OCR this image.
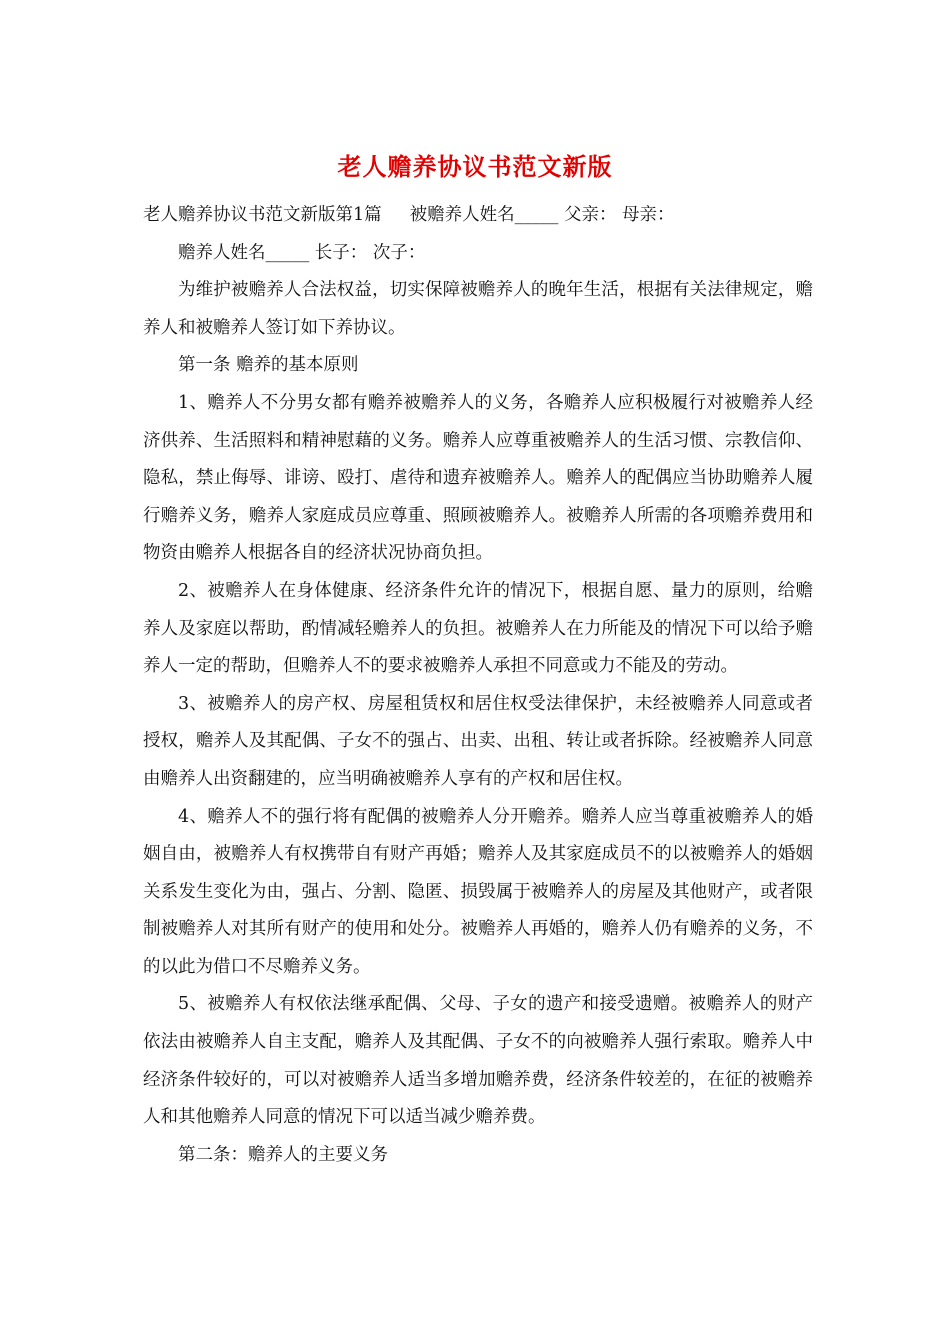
老人赡养协议书范文新版

老人赡养协议书范文新版第1篇 被赡养人姓名_____ 父亲： 母亲：

赡养人姓名_____ 长子： 次子：

为维护被赡养人合法权益，切实保障被赡养人的晚年生活，根据有关法律规定，赡养人和被赡养人签订如下养协议。

第一条 赡养的基本原则

1、赡养人不分男女都有赡养被赡养人的义务，各赡养人应积极履行对被赡养人经济供养、生活照料和精神慰藉的义务。赡养人应尊重被赡养人的生活习惯、宗教信仰、隐私，禁止侮辱、诽谤、殴打、虐待和遗弃被赡养人。赡养人的配偶应当协助赡养人履行赡养义务，赡养人家庭成员应尊重、照顾被赡养人。被赡养人所需的各项赡养费用和物资由赡养人根据各自的经济状况协商负担。

2、被赡养人在身体健康、经济条件允许的情况下，根据自愿、量力的原则，给赡养人及家庭以帮助，酌情减轻赡养人的负担。被赡养人在力所能及的情况下可以给予赡养人一定的帮助，但赡养人不的要求被赡养人承担不同意或力不能及的劳动。

3、被赡养人的房产权、房屋租赁权和居住权受法律保护，未经被赡养人同意或者授权，赡养人及其配偶、子女不的强占、出卖、出租、转让或者拆除。经被赡养人同意由赡养人出资翻建的，应当明确被赡养人享有的产权和居住权。

4、赡养人不的强行将有配偶的被赡养人分开赡养。赡养人应当尊重被赡养人的婚姻自由，被赡养人有权携带自有财产再婚；赡养人及其家庭成员不的以被赡养人的婚姻关系发生变化为由，强占、分割、隐匿、损毁属于被赡养人的房屋及其他财产，或者限制被赡养人对其所有财产的使用和处分。被赡养人再婚的，赡养人仍有赡养的义务，不的以此为借口不尽赡养义务。

5、被赡养人有权依法继承配偶、父母、子女的遗产和接受遗赠。被赡养人的财产依法由被赡养人自主支配，赡养人及其配偶、子女不的向被赡养人强行索取。赡养人中经济条件较好的，可以对被赡养人适当多增加赡养费，经济条件较差的，在征的被赡养人和其他赡养人同意的情况下可以适当减少赡养费。

第二条：赡养人的主要义务
